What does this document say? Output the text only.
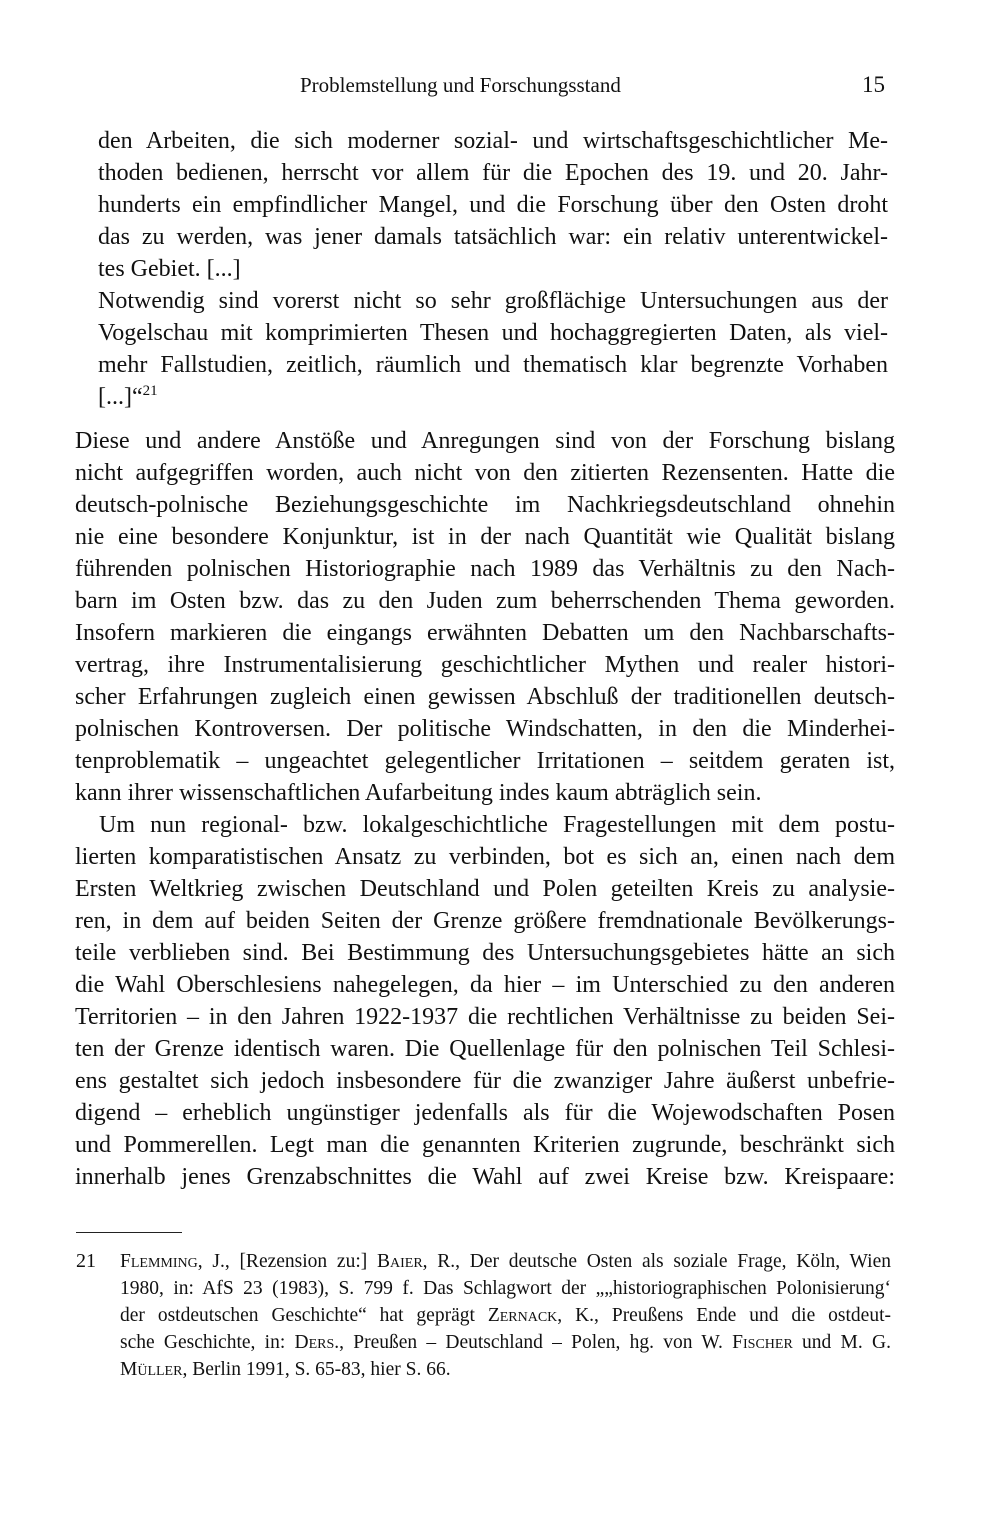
Problemstellung und Forschungsstand	15
den Arbeiten, die sich moderner sozial- und wirtschaftsgeschichtlicher Me-
thoden bedienen, herrscht vor allem für die Epochen des 19. und 20. Jahr-
hunderts ein empfindlicher Mangel, und die Forschung über den Osten droht
das zu werden, was jener damals tatsächlich war: ein relativ unterentwickel-
tes Gebiet. [...]
Notwendig sind vorerst nicht so sehr großflächige Untersuchungen aus der
Vogelschau mit komprimierten Thesen und hochaggregierten Daten, als viel-
mehr Fallstudien, zeitlich, räumlich und thematisch klar begrenzte Vorhaben
[...]“$^{21}$

Diese und andere Anstöße und Anregungen sind von der Forschung bislang
nicht aufgegriffen worden, auch nicht von den zitierten Rezensenten. Hatte die
deutsch-polnische Beziehungsgeschichte im Nachkriegsdeutschland ohnehin
nie eine besondere Konjunktur, ist in der nach Quantität wie Qualität bislang
führenden polnischen Historiographie nach 1989 das Verhältnis zu den Nach-
barn im Osten bzw. das zu den Juden zum beherrschenden Thema geworden.
Insofern markieren die eingangs erwähnten Debatten um den Nachbarschafts-
vertrag, ihre Instrumentalisierung geschichtlicher Mythen und realer histori-
scher Erfahrungen zugleich einen gewissen Abschluß der traditionellen deutsch-
polnischen Kontroversen. Der politische Windschatten, in den die Minderhei-
tenproblematik – ungeachtet gelegentlicher Irritationen – seitdem geraten ist,
kann ihrer wissenschaftlichen Aufarbeitung indes kaum abträglich sein.

Um nun regional- bzw. lokalgeschichtliche Fragestellungen mit dem postu-
lierten komparatistischen Ansatz zu verbinden, bot es sich an, einen nach dem
Ersten Weltkrieg zwischen Deutschland und Polen geteilten Kreis zu analysie-
ren, in dem auf beiden Seiten der Grenze größere fremdnationale Bevölkerungs-
teile verblieben sind. Bei Bestimmung des Untersuchungsgebietes hätte an sich
die Wahl Oberschlesiens nahegelegen, da hier – im Unterschied zu den anderen
Territorien – in den Jahren 1922-1937 die rechtlichen Verhältnisse zu beiden Sei-
ten der Grenze identisch waren. Die Quellenlage für den polnischen Teil Schlesi-
ens gestaltet sich jedoch insbesondere für die zwanziger Jahre äußerst unbefrie-
digend – erheblich ungünstiger jedenfalls als für die Wojewodschaften Posen
und Pommerellen. Legt man die genannten Kriterien zugrunde, beschränkt sich
innerhalb jenes Grenzabschnittes die Wahl auf zwei Kreise bzw. Kreispaare:

21 Flemming, J., [Rezension zu:] Baier, R., Der deutsche Osten als soziale Frage, Köln, Wien
1980, in: AfS 23 (1983), S. 799 f. Das Schlagwort der „„historiographischen Polonisierung‘
der ostdeutschen Geschichte“ hat geprägt Zernack, K., Preußens Ende und die ostdeut-
sche Geschichte, in: Ders., Preußen – Deutschland – Polen, hg. von W. Fischer und M. G.
Müller, Berlin 1991, S. 65-83, hier S. 66.
